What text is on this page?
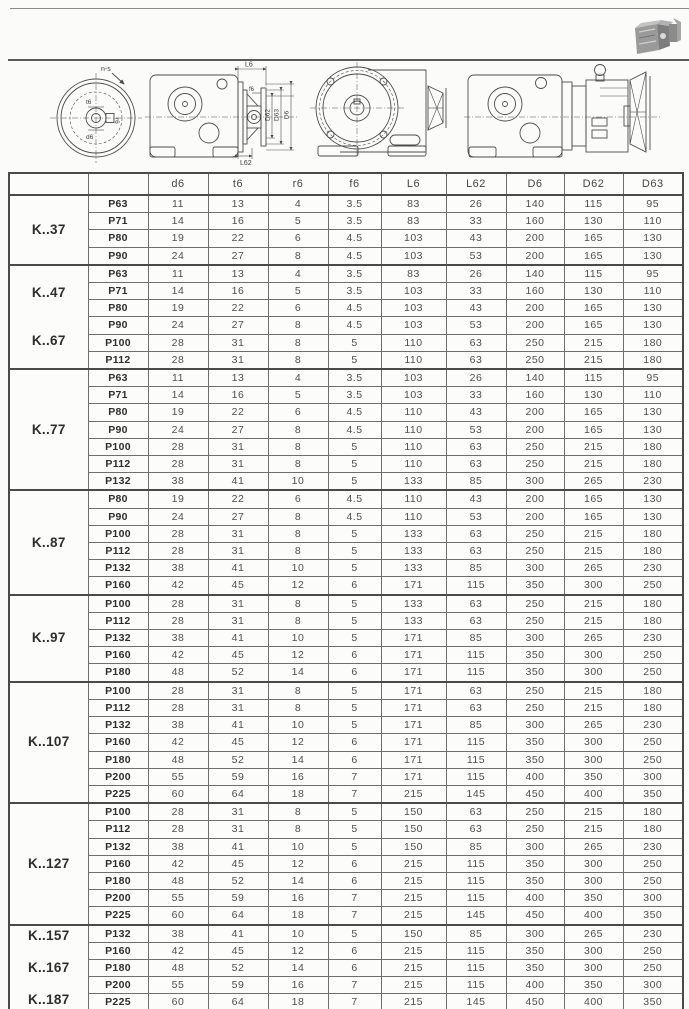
n-s
t6
r6
d6
L6
f6
D62 D63 D6
L62
		d6	t6	r6	f6	L6	L62	D6	D62	D63

K..37	P63	11	13	4	3.5	83	26	140	115	95
	P71	14	16	5	3.5	83	33	160	130	110
	P80	19	22	6	4.5	103	43	200	165	130
	P90	24	27	8	4.5	103	53	200	165	130

K..47
K..67	P63	11	13	4	3.5	83	26	140	115	95
	P71	14	16	5	3.5	103	33	160	130	110
	P80	19	22	6	4.5	103	43	200	165	130
	P90	24	27	8	4.5	103	53	200	165	130
	P100	28	31	8	5	110	63	250	215	180
	P112	28	31	8	5	110	63	250	215	180

K..77	P63	11	13	4	3.5	103	26	140	115	95
	P71	14	16	5	3.5	103	33	160	130	110
	P80	19	22	6	4.5	110	43	200	165	130
	P90	24	27	8	4.5	110	53	200	165	130
	P100	28	31	8	5	110	63	250	215	180
	P112	28	31	8	5	110	63	250	215	180
	P132	38	41	10	5	133	85	300	265	230

K..87	P80	19	22	6	4.5	110	43	200	165	130
	P90	24	27	8	4.5	110	53	200	165	130
	P100	28	31	8	5	133	63	250	215	180
	P112	28	31	8	5	133	63	250	215	180
	P132	38	41	10	5	133	85	300	265	230
	P160	42	45	12	6	171	115	350	300	250

K..97	P100	28	31	8	5	133	63	250	215	180
	P112	28	31	8	5	133	63	250	215	180
	P132	38	41	10	5	171	85	300	265	230
	P160	42	45	12	6	171	115	350	300	250
	P180	48	52	14	6	171	115	350	300	250

K..107	P100	28	31	8	5	171	63	250	215	180
	P112	28	31	8	5	171	63	250	215	180
	P132	38	41	10	5	171	85	300	265	230
	P160	42	45	12	6	171	115	350	300	250
	P180	48	52	14	6	171	115	350	300	250
	P200	55	59	16	7	171	115	400	350	300
	P225	60	64	18	7	215	145	450	400	350

K..127	P100	28	31	8	5	150	63	250	215	180
	P112	28	31	8	5	150	63	250	215	180
	P132	38	41	10	5	150	85	300	265	230
	P160	42	45	12	6	215	115	350	300	250
	P180	48	52	14	6	215	115	350	300	250
	P200	55	59	16	7	215	115	400	350	300
	P225	60	64	18	7	215	145	450	400	350

K..157
K..167
K..187	P132	38	41	10	5	150	85	300	265	230
	P160	42	45	12	6	215	115	350	300	250
	P180	48	52	14	6	215	115	350	300	250
	P200	55	59	16	7	215	115	400	350	300
	P225	60	64	18	7	215	145	450	400	350
